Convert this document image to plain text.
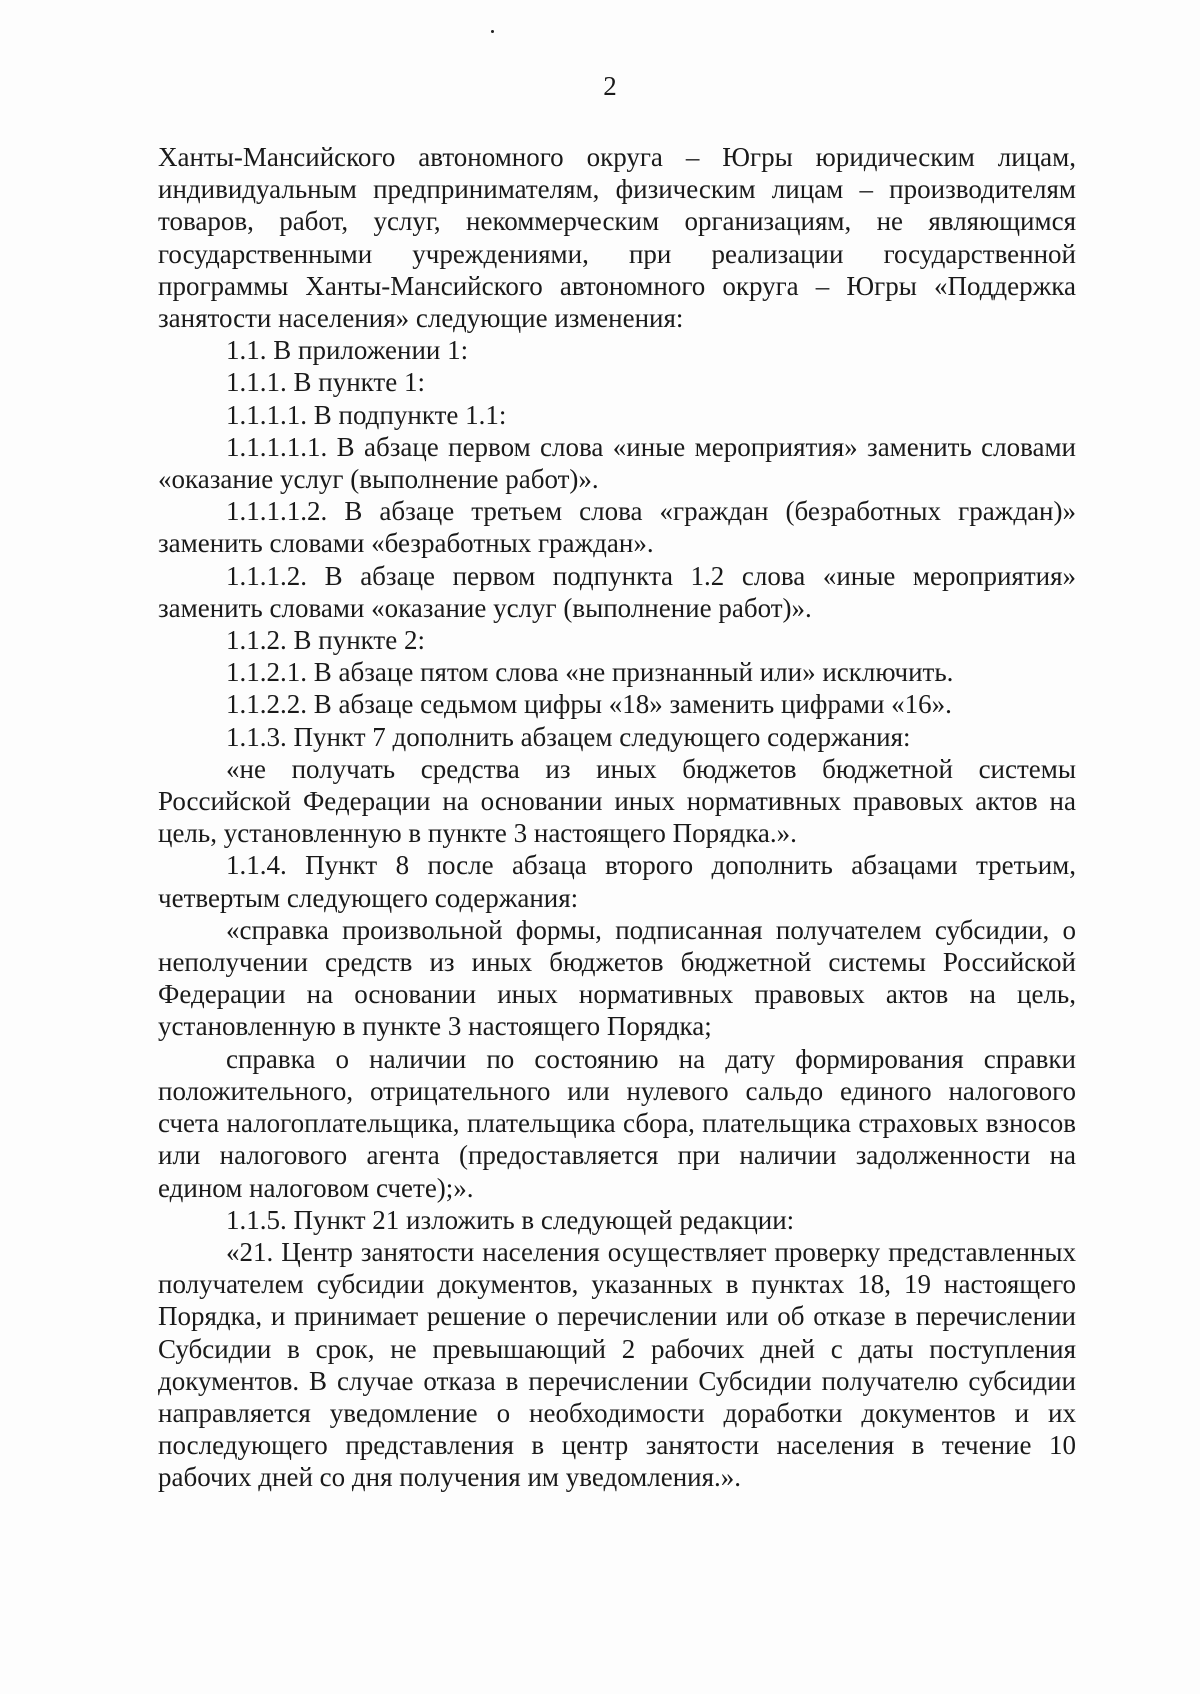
2

Ханты-Мансийского автономного округа – Югры юридическим лицам, индивидуальным предпринимателям, физическим лицам – производителям товаров, работ, услуг, некоммерческим организациям, не являющимся государственными учреждениями, при реализации государственной программы Ханты-Мансийского автономного округа – Югры «Поддержка занятости населения» следующие изменения:

1.1. В приложении 1:

1.1.1. В пункте 1:

1.1.1.1. В подпункте 1.1:

1.1.1.1.1. В абзаце первом слова «иные мероприятия» заменить словами «оказание услуг (выполнение работ)».

1.1.1.1.2. В абзаце третьем слова «граждан (безработных граждан)» заменить словами «безработных граждан».

1.1.1.2. В абзаце первом подпункта 1.2 слова «иные мероприятия» заменить словами «оказание услуг (выполнение работ)».

1.1.2. В пункте 2:

1.1.2.1. В абзаце пятом слова «не признанный или» исключить.

1.1.2.2. В абзаце седьмом цифры «18» заменить цифрами «16».

1.1.3. Пункт 7 дополнить абзацем следующего содержания:

«не получать средства из иных бюджетов бюджетной системы Российской Федерации на основании иных нормативных правовых актов на цель, установленную в пункте 3 настоящего Порядка.».

1.1.4. Пункт 8 после абзаца второго дополнить абзацами третьим, четвертым следующего содержания:

«справка произвольной формы, подписанная получателем субсидии, о неполучении средств из иных бюджетов бюджетной системы Российской Федерации на основании иных нормативных правовых актов на цель, установленную в пункте 3 настоящего Порядка;

справка о наличии по состоянию на дату формирования справки положительного, отрицательного или нулевого сальдо единого налогового счета налогоплательщика, плательщика сбора, плательщика страховых взносов или налогового агента (предоставляется при наличии задолженности на едином налоговом счете);».

1.1.5. Пункт 21 изложить в следующей редакции:

«21. Центр занятости населения осуществляет проверку представленных получателем субсидии документов, указанных в пунктах 18, 19 настоящего Порядка, и принимает решение о перечислении или об отказе в перечислении Субсидии в срок, не превышающий 2 рабочих дней с даты поступления документов. В случае отказа в перечислении Субсидии получателю субсидии направляется уведомление о необходимости доработки документов и их последующего представления в центр занятости населения в течение 10 рабочих дней со дня получения им уведомления.».
